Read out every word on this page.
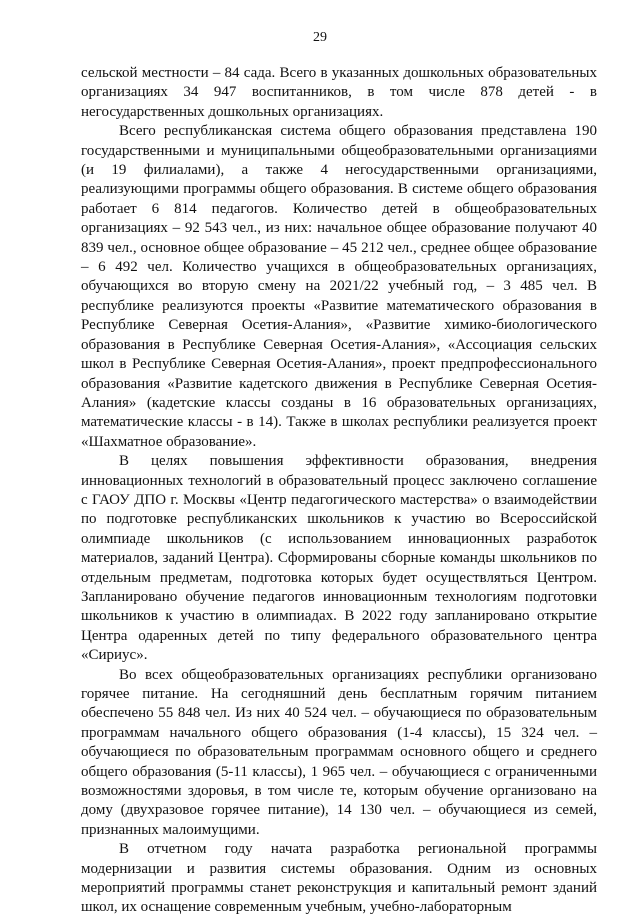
29

сельской местности – 84 сада. Всего в указанных дошкольных образовательных организациях 34 947 воспитанников, в том числе 878 детей - в негосударственных дошкольных организациях.

Всего республиканская система общего образования представлена 190 государственными и муниципальными общеобразовательными организациями (и 19 филиалами), а также 4 негосударственными организациями, реализующими программы общего образования. В системе общего образования работает 6 814 педагогов. Количество детей в общеобразовательных организациях – 92 543 чел., из них: начальное общее образование получают 40 839 чел., основное общее образование – 45 212 чел., среднее общее образование – 6 492 чел. Количество учащихся в общеобразовательных организациях, обучающихся во вторую смену на 2021/22 учебный год, – 3 485 чел. В республике реализуются проекты «Развитие математического образования в Республике Северная Осетия-Алания», «Развитие химико-биологического образования в Республике Северная Осетия-Алания», «Ассоциация сельских школ в Республике Северная Осетия-Алания», проект предпрофессионального образования «Развитие кадетского движения в Республике Северная Осетия-Алания» (кадетские классы созданы в 16 образовательных организациях, математические классы - в 14). Также в школах республики реализуется проект «Шахматное образование».

В целях повышения эффективности образования, внедрения инновационных технологий в образовательный процесс заключено соглашение с ГАОУ ДПО г. Москвы «Центр педагогического мастерства» о взаимодействии по подготовке республиканских школьников к участию во Всероссийской олимпиаде школьников (с использованием инновационных разработок материалов, заданий Центра). Сформированы сборные команды школьников по отдельным предметам, подготовка которых будет осуществляться Центром. Запланировано обучение педагогов инновационным технологиям подготовки школьников к участию в олимпиадах. В 2022 году запланировано открытие Центра одаренных детей по типу федерального образовательного центра «Сириус».

Во всех общеобразовательных организациях республики организовано горячее питание. На сегодняшний день бесплатным горячим питанием обеспечено 55 848 чел. Из них 40 524 чел. – обучающиеся по образовательным программам начального общего образования (1-4 классы), 15 324 чел. – обучающиеся по образовательным программам основного общего и среднего общего образования (5-11 классы), 1 965 чел. – обучающиеся с ограниченными возможностями здоровья, в том числе те, которым обучение организовано на дому (двухразовое горячее питание), 14 130 чел. – обучающиеся из семей, признанных малоимущими.

В отчетном году начата разработка региональной программы модернизации и развития системы образования. Одним из основных мероприятий программы станет реконструкция и капитальный ремонт зданий школ, их оснащение современным учебным, учебно-лабораторным
